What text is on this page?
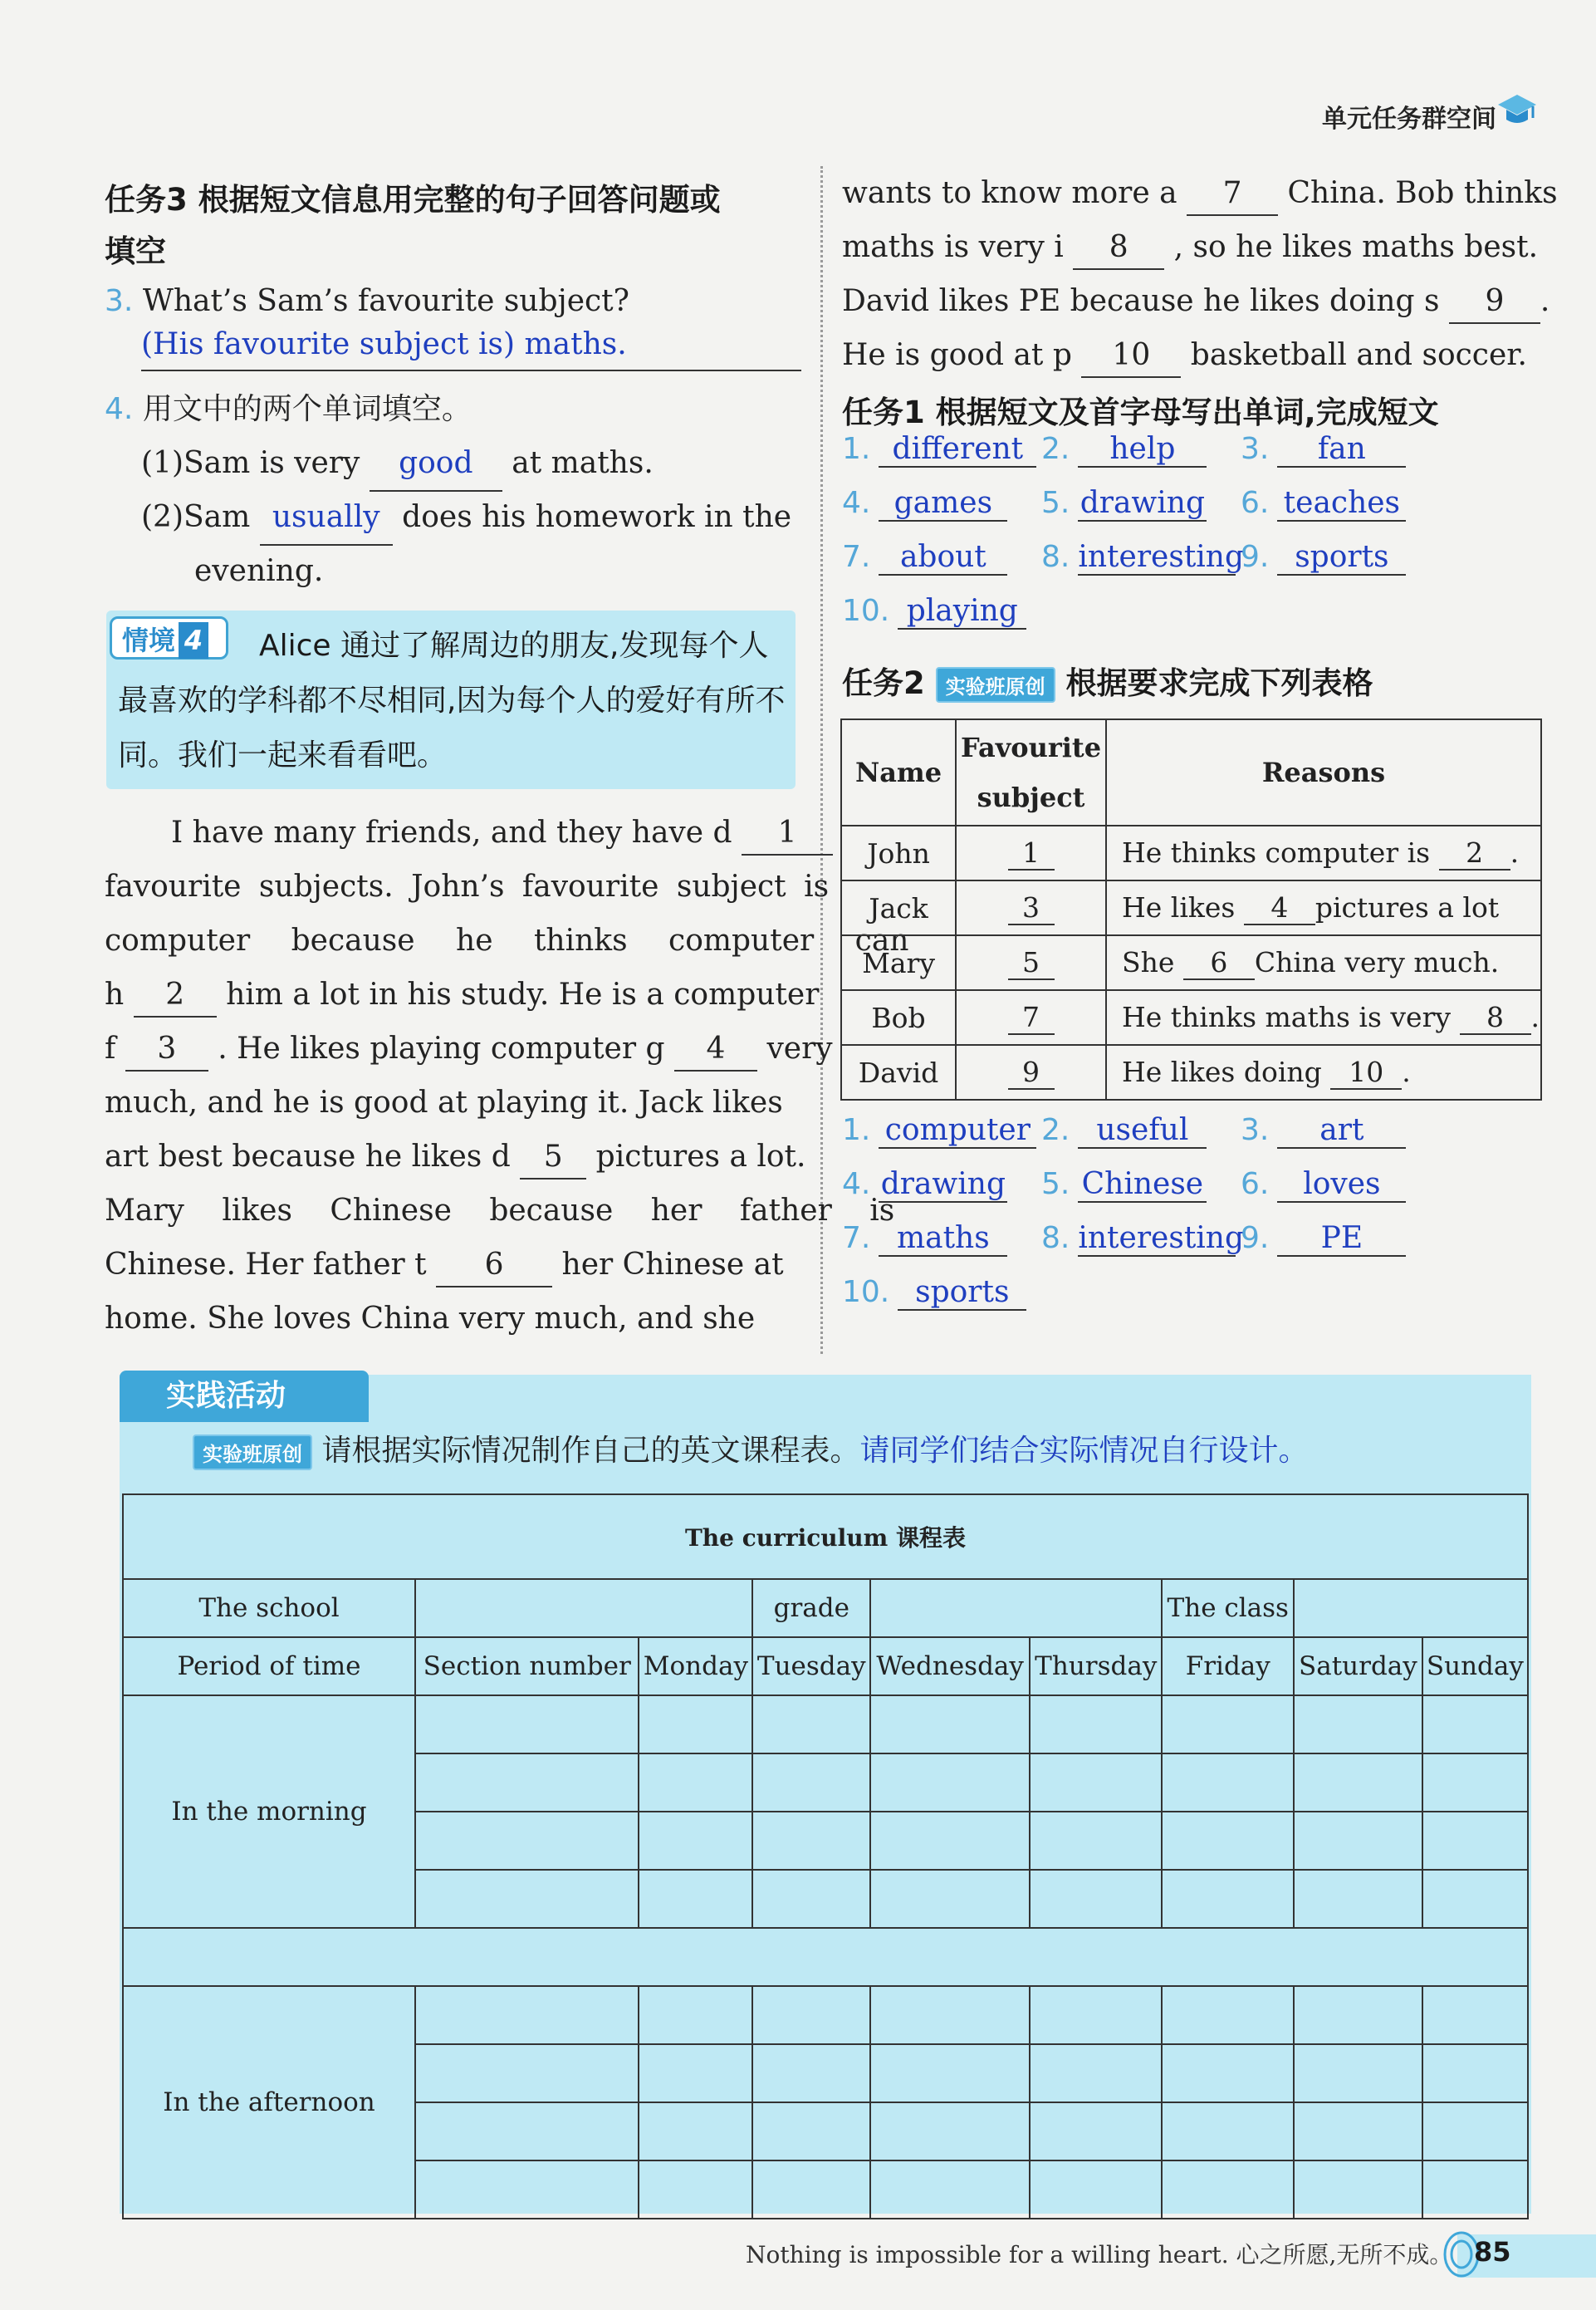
单元任务群空间
任务3 根据短文信息用完整的句子回答问题或
填空
3. What’s Sam’s favourite subject?
(His favourite subject is) maths.
4. 用文中的两个单词填空。
(1)Sam is very good at maths.
(2)Sam usually does his homework in the
evening.
情境 4	Alice 通过了解周边的朋友,发现每个人最喜欢的学科都不尽相同,因为每个人的爱好有所不同。我们一起来看看吧。
I have many friends, and they have d 1
favourite subjects. John’s favourite subject is
computer because he thinks computer can
h 2 him a lot in his study. He is a computer
f 3 . He likes playing computer g 4 very
much, and he is good at playing it. Jack likes
art best because he likes d 5 pictures a lot.
Mary likes Chinese because her father is
Chinese. Her father t 6 her Chinese at
home. She loves China very much, and she
wants to know more a 7 China. Bob thinks
maths is very i 8 , so he likes maths best.
David likes PE because he likes doing s 9 .
He is good at p 10 basketball and soccer.
任务1 根据短文及首字母写出单词,完成短文
1. different 2. help	3. fan
4. games	5. drawing 6. teaches
7. about	8. interesting
9. sports
10. playing
任务2 实验班原创 根据要求完成下列表格
Name	Favourite subject	Reasons
John	1	He thinks computer is 2 .
Jack	3	He likes 4 pictures a lot
Mary	5	She 6 China very much.
Bob	7	He thinks maths is very 8 .
David	9	He likes doing 10 .
1. computer 2. useful	3. art
4. drawing 5. Chinese 6. loves
7. maths	8. interesting
9. PE
10. sports
实践活动
实验班原创 请根据实际情况制作自己的英文课程表。请同学们结合实际情况自行设计。
The curriculum 课程表								
The school			grade			The class		
Period of time	Section number	Monday	Tuesday	Wednesday	Thursday	Friday	Saturday	Sunday
In the morning								

In the afternoon								

Nothing is impossible for a willing heart. 心之所愿,无所不成。 85
